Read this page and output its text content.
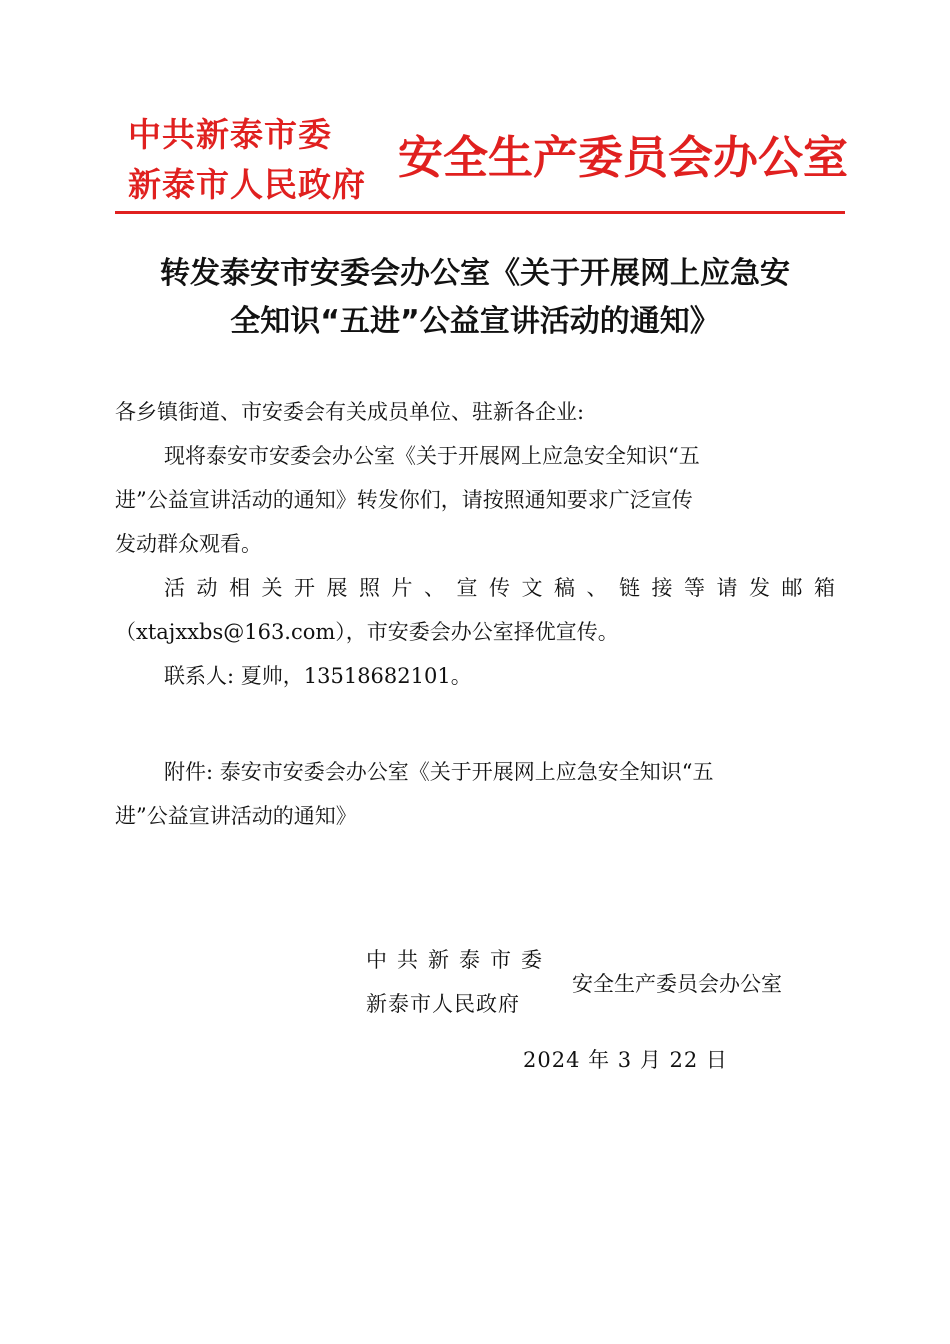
中共新泰市委
新泰市人民政府
安全生产委员会办公室
转发泰安市安委会办公室《关于开展网上应急安
全知识“五进”公益宣讲活动的通知》
各乡镇街道、市安委会有关成员单位、驻新各企业:
现将泰安市安委会办公室《关于开展网上应急安全知识“五
进”公益宣讲活动的通知》转发你们，请按照通知要求广泛宣传
发动群众观看。
活动相关开展照片、宣传文稿、链接等请发邮箱
（xtajxxbs@163.com），市安委会办公室择优宣传。
联系人: 夏帅，13518682101。
附件: 泰安市安委会办公室《关于开展网上应急安全知识“五
进”公益宣讲活动的通知》
中共新泰市委
新泰市人民政府
安全生产委员会办公室
2024 年 3 月 22 日
